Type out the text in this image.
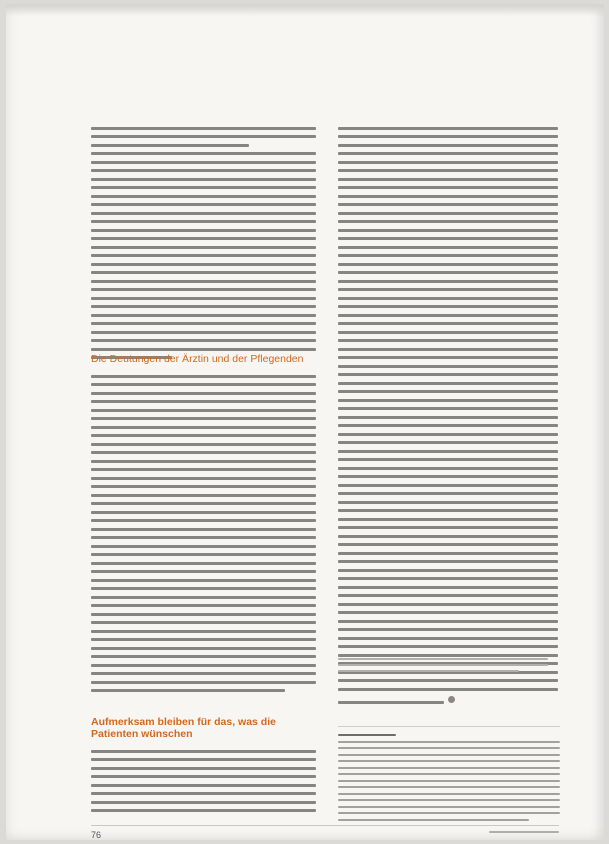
Die Deutungen der Ärztin und der Pflegenden
Aufmerksam bleiben für das, was die Patienten wünschen
76
